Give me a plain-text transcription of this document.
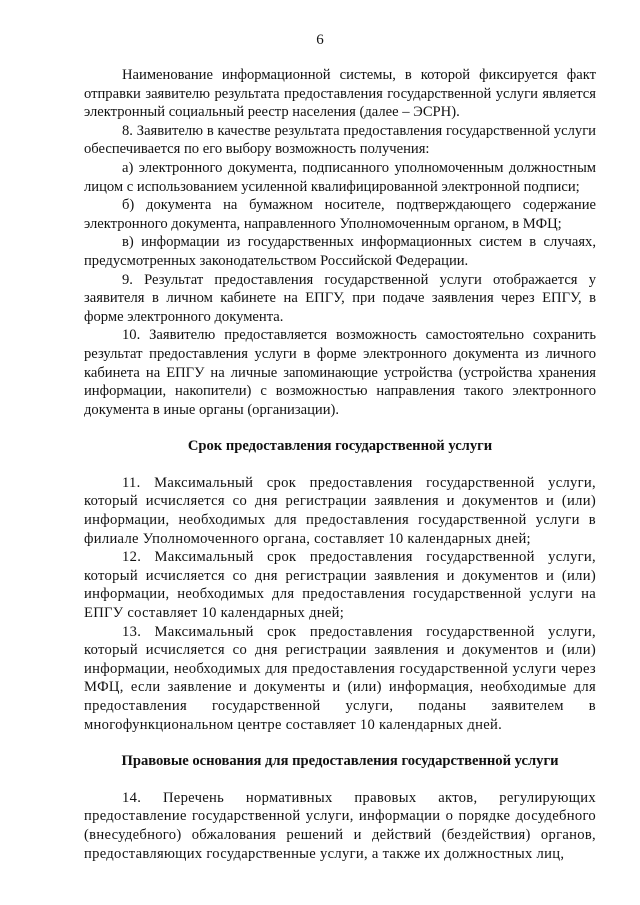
6

Наименование информационной системы, в которой фиксируется факт отправки заявителю результата предоставления государственной услуги является электронный социальный реестр населения (далее – ЭСРН).

8. Заявителю в качестве результата предоставления государственной услуги обеспечивается по его выбору возможность получения:

а) электронного документа, подписанного уполномоченным должностным лицом с использованием усиленной квалифицированной электронной подписи;

б) документа на бумажном носителе, подтверждающего содержание электронного документа, направленного Уполномоченным органом, в МФЦ;

в) информации из государственных информационных систем в случаях, предусмотренных законодательством Российской Федерации.

9. Результат предоставления государственной услуги отображается у заявителя в личном кабинете на ЕПГУ, при подаче заявления через ЕПГУ, в форме электронного документа.

10. Заявителю предоставляется возможность самостоятельно сохранить результат предоставления услуги в форме электронного документа из личного кабинета на ЕПГУ на личные запоминающие устройства (устройства хранения информации, накопители) с возможностью направления такого электронного документа в иные органы (организации).

Срок предоставления государственной услуги

11. Максимальный срок предоставления государственной услуги, который исчисляется со дня регистрации заявления и документов и (или) информации, необходимых для предоставления государственной услуги в филиале Уполномоченного органа, составляет 10 календарных дней;

12. Максимальный срок предоставления государственной услуги, который исчисляется со дня регистрации заявления и документов и (или) информации, необходимых для предоставления государственной услуги на ЕПГУ составляет 10 календарных дней;

13. Максимальный срок предоставления государственной услуги, который исчисляется со дня регистрации заявления и документов и (или) информации, необходимых для предоставления государственной услуги через МФЦ, если заявление и документы и (или) информация, необходимые для предоставления государственной услуги, поданы заявителем в многофункциональном центре составляет 10 календарных дней.

Правовые основания для предоставления государственной услуги

14. Перечень нормативных правовых актов, регулирующих предоставление государственной услуги, информации о порядке досудебного (внесудебного) обжалования решений и действий (бездействия) органов, предоставляющих государственные услуги, а также их должностных лиц,
